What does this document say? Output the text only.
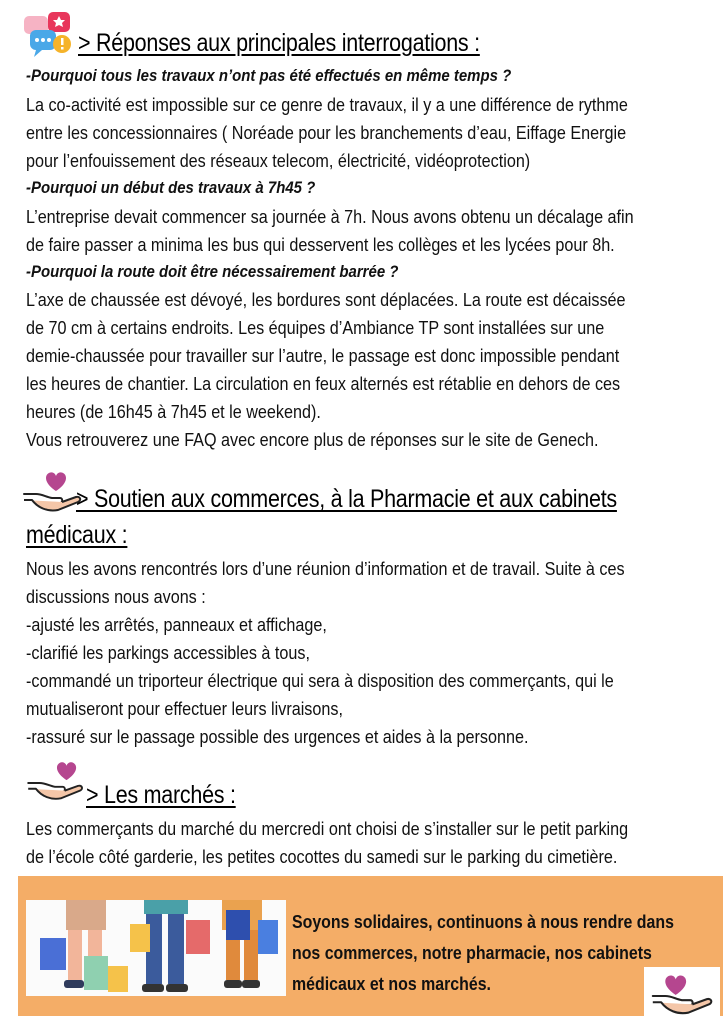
> Réponses aux principales interrogations :
-Pourquoi tous les travaux n’ont pas été effectués en même temps ?
La co-activité est impossible sur ce genre de travaux, il y a une différence de rythme
entre les concessionnaires ( Noréade pour les branchements d’eau, Eiffage Energie
pour l’enfouissement des réseaux telecom, électricité, vidéoprotection)
-Pourquoi un début des travaux à 7h45 ?
L’entreprise devait commencer sa journée à 7h. Nous avons obtenu un décalage afin
de faire passer a minima les bus qui desservent les collèges et les lycées pour 8h.
-Pourquoi la route doit être nécessairement barrée ?
L’axe de chaussée est dévoyé, les bordures sont déplacées. La route est décaissée
de 70 cm à certains endroits. Les équipes d’Ambiance TP sont installées sur une
demie-chaussée pour travailler sur l’autre, le passage est donc impossible pendant
les heures de chantier. La circulation en feux alternés est rétablie en dehors de ces
heures (de 16h45 à 7h45 et le weekend).
Vous retrouverez une FAQ avec encore plus de réponses sur le site de Genech.
> Soutien aux commerces, à la Pharmacie et aux cabinets
médicaux :
Nous les avons rencontrés lors d’une réunion d’information et de travail. Suite à ces
discussions nous avons :
-ajusté les arrêtés, panneaux et affichage,
-clarifié les parkings accessibles à tous,
-commandé un triporteur électrique qui sera à disposition des commerçants, qui le
mutualiseront pour effectuer leurs livraisons,
-rassuré sur le passage possible des urgences et aides à la personne.
> Les marchés :
Les commerçants du marché du mercredi ont choisi de s’installer sur le petit parking
de l’école côté garderie, les petites cocottes du samedi sur le parking du cimetière.
Soyons solidaires, continuons à nous rendre dans
nos commerces, notre pharmacie, nos cabinets
médicaux et nos marchés.
